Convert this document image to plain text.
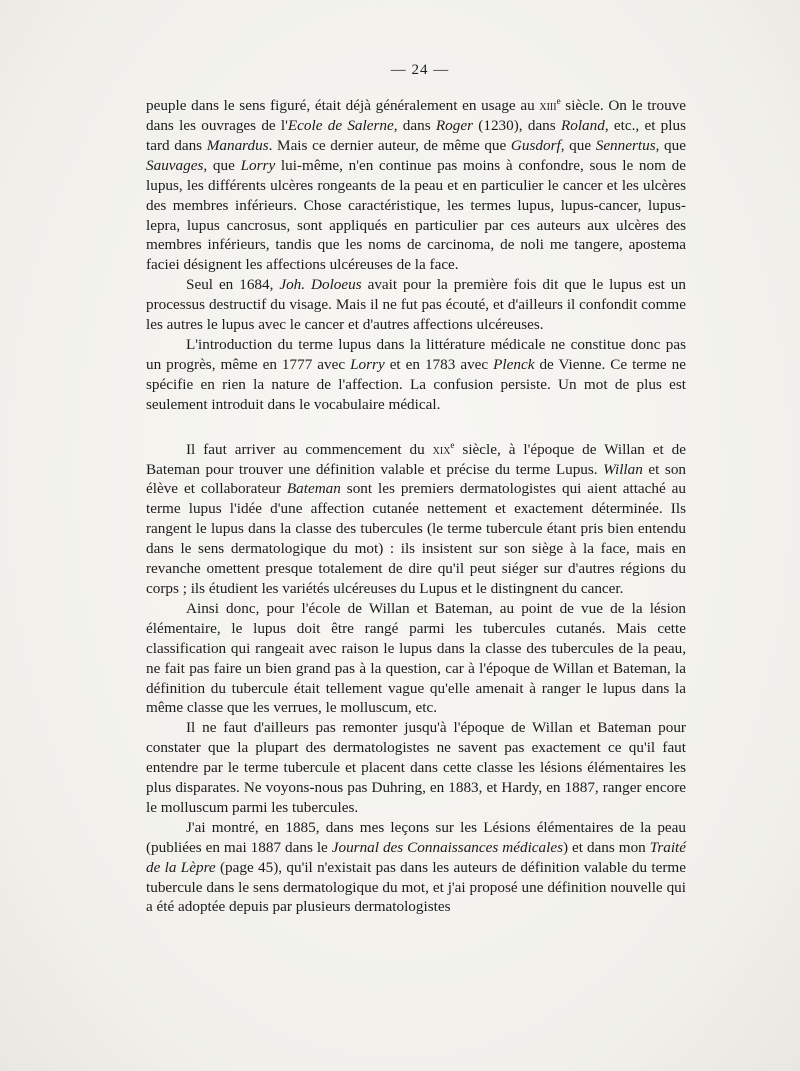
— 24 —

peuple dans le sens figuré, était déjà généralement en usage au xiii$^e$ siècle. On le trouve dans les ouvrages de l'Ecole de Salerne, dans Roger (1230), dans Roland, etc., et plus tard dans Manardus. Mais ce dernier auteur, de même que Gusdorf, que Sennertus, que Sauvages, que Lorry lui-même, n'en continue pas moins à confondre, sous le nom de lupus, les différents ulcères rongeants de la peau et en particulier le cancer et les ulcères des membres inférieurs. Chose caractéristique, les termes lupus, lupus-cancer, lupus-lepra, lupus cancrosus, sont appliqués en particulier par ces auteurs aux ulcères des membres inférieurs, tandis que les noms de carcinoma, de noli me tangere, apostema faciei désignent les affections ulcéreuses de la face.

Seul en 1684, Joh. Doloeus avait pour la première fois dit que le lupus est un processus destructif du visage. Mais il ne fut pas écouté, et d'ailleurs il confondit comme les autres le lupus avec le cancer et d'autres affections ulcéreuses.

L'introduction du terme lupus dans la littérature médicale ne constitue donc pas un progrès, même en 1777 avec Lorry et en 1783 avec Plenck de Vienne. Ce terme ne spécifie en rien la nature de l'affection. La confusion persiste. Un mot de plus est seulement introduit dans le vocabulaire médical.

Il faut arriver au commencement du xix$^e$ siècle, à l'époque de Willan et de Bateman pour trouver une définition valable et précise du terme Lupus. Willan et son élève et collaborateur Bateman sont les premiers dermatologistes qui aient attaché au terme lupus l'idée d'une affection cutanée nettement et exactement déterminée. Ils rangent le lupus dans la classe des tubercules (le terme tubercule étant pris bien entendu dans le sens dermatologique du mot) : ils insistent sur son siège à la face, mais en revanche omettent presque totalement de dire qu'il peut siéger sur d'autres régions du corps ; ils étudient les variétés ulcéreuses du Lupus et le distingnent du cancer.

Ainsi donc, pour l'école de Willan et Bateman, au point de vue de la lésion élémentaire, le lupus doit être rangé parmi les tubercules cutanés. Mais cette classification qui rangeait avec raison le lupus dans la classe des tubercules de la peau, ne fait pas faire un bien grand pas à la question, car à l'époque de Willan et Bateman, la définition du tubercule était tellement vague qu'elle amenait à ranger le lupus dans la même classe que les verrues, le molluscum, etc.

Il ne faut d'ailleurs pas remonter jusqu'à l'époque de Willan et Bateman pour constater que la plupart des dermatologistes ne savent pas exactement ce qu'il faut entendre par le terme tubercule et placent dans cette classe les lésions élémentaires les plus disparates. Ne voyons-nous pas Duhring, en 1883, et Hardy, en 1887, ranger encore le molluscum parmi les tubercules.

J'ai montré, en 1885, dans mes leçons sur les Lésions élémentaires de la peau (publiées en mai 1887 dans le Journal des Connaissances médicales) et dans mon Traité de la Lèpre (page 45), qu'il n'existait pas dans les auteurs de définition valable du terme tubercule dans le sens dermatologique du mot, et j'ai proposé une définition nouvelle qui a été adoptée depuis par plusieurs dermatologistes
